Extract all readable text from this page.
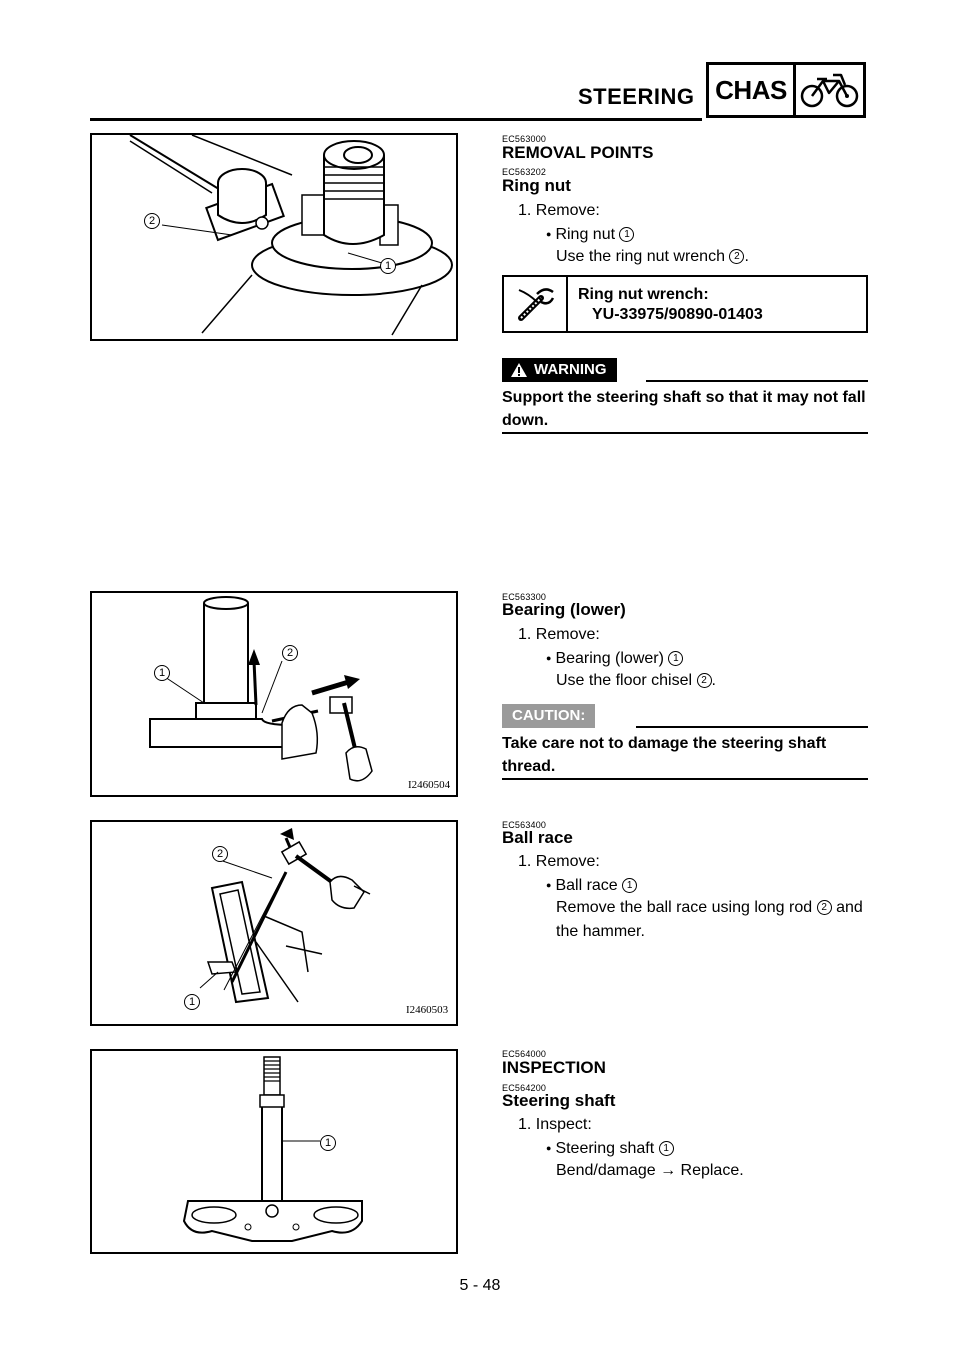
STEERING CHAS
2
1
1
2
I2460504
2
1
I2460503
1
EC563000
REMOVAL POINTS
EC563202
Ring nut
1. Remove:
● Ring nut 1
Use the ring nut wrench 2 .
Ring nut wrench:
YU-33975/90890-01403
WARNING
Support the steering shaft so that it may not fall down.
EC563300
Bearing (lower)
1. Remove:
● Bearing (lower) 1
Use the floor chisel 2 .
CAUTION:
Take care not to damage the steering shaft thread.
EC563400
Ball race
1. Remove:
● Ball race 1
Remove the ball race using long rod 2 and the hammer.
EC564000
INSPECTION
EC564200
Steering shaft
1. Inspect:
● Steering shaft 1
Bend/damage → Replace.
5 - 48
